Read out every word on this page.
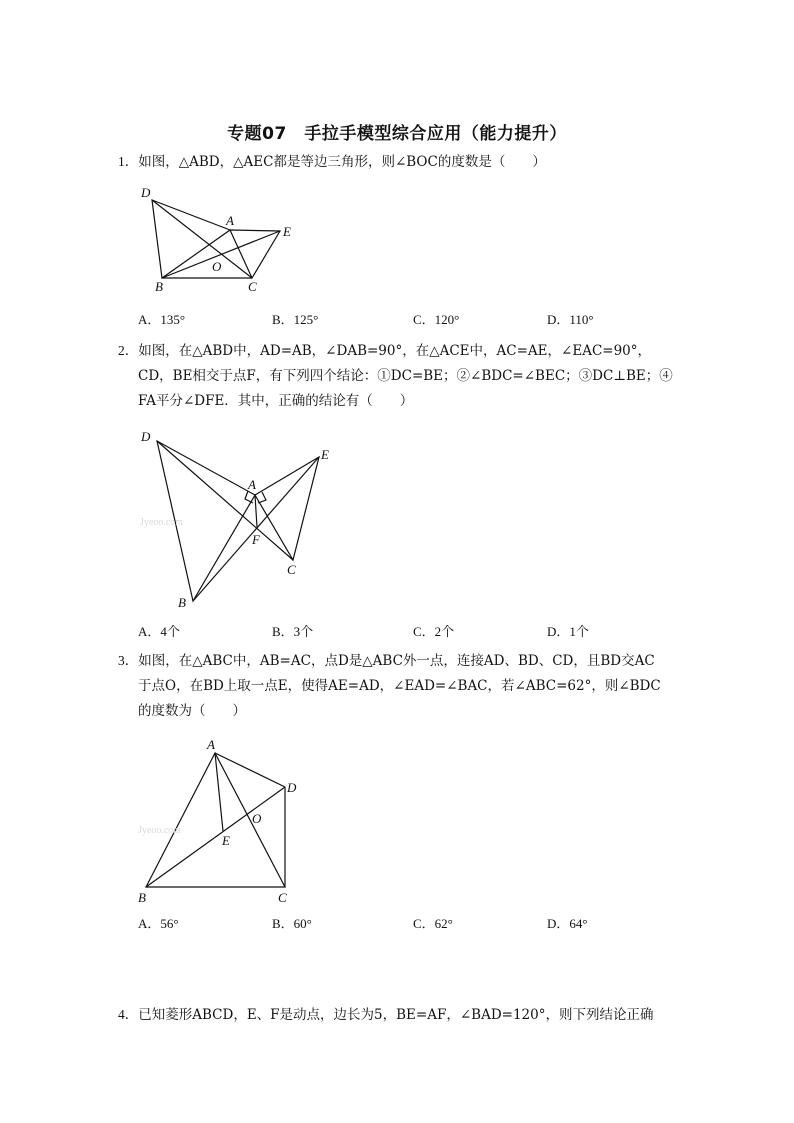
专题07　手拉手模型综合应用（能力提升）
1．如图，△ABD，△AEC都是等边三角形，则∠BOC的度数是（　　）
D
A
E
O
B	C
A．135°	B．125°	C．120°	D．110°
2．如图，在△ABD中，AD=AB，∠DAB=90°，在△ACE中，AC=AE，∠EAC=90°，
CD，BE相交于点F，有下列四个结论：①DC=BE；②∠BDC=∠BEC；③DC⊥BE；④
FA平分∠DFE．其中，正确的结论有（　　）
Jyeoo.com
D
E
A
F
C
B
A．4个	B．3个	C．2个	D．1个
3．如图，在△ABC中，AB=AC，点D是△ABC外一点，连接AD、BD、CD，且BD交AC
于点O，在BD上取一点E，使得AE=AD，∠EAD=∠BAC，若∠ABC=62°，则∠BDC
的度数为（　　）
Jyeoo.com
A
D
O
E
B	C
A．56°	B．60°	C．62°	D．64°
4．已知菱形ABCD，E、F是动点，边长为5，BE=AF，∠BAD=120°，则下列结论正确
